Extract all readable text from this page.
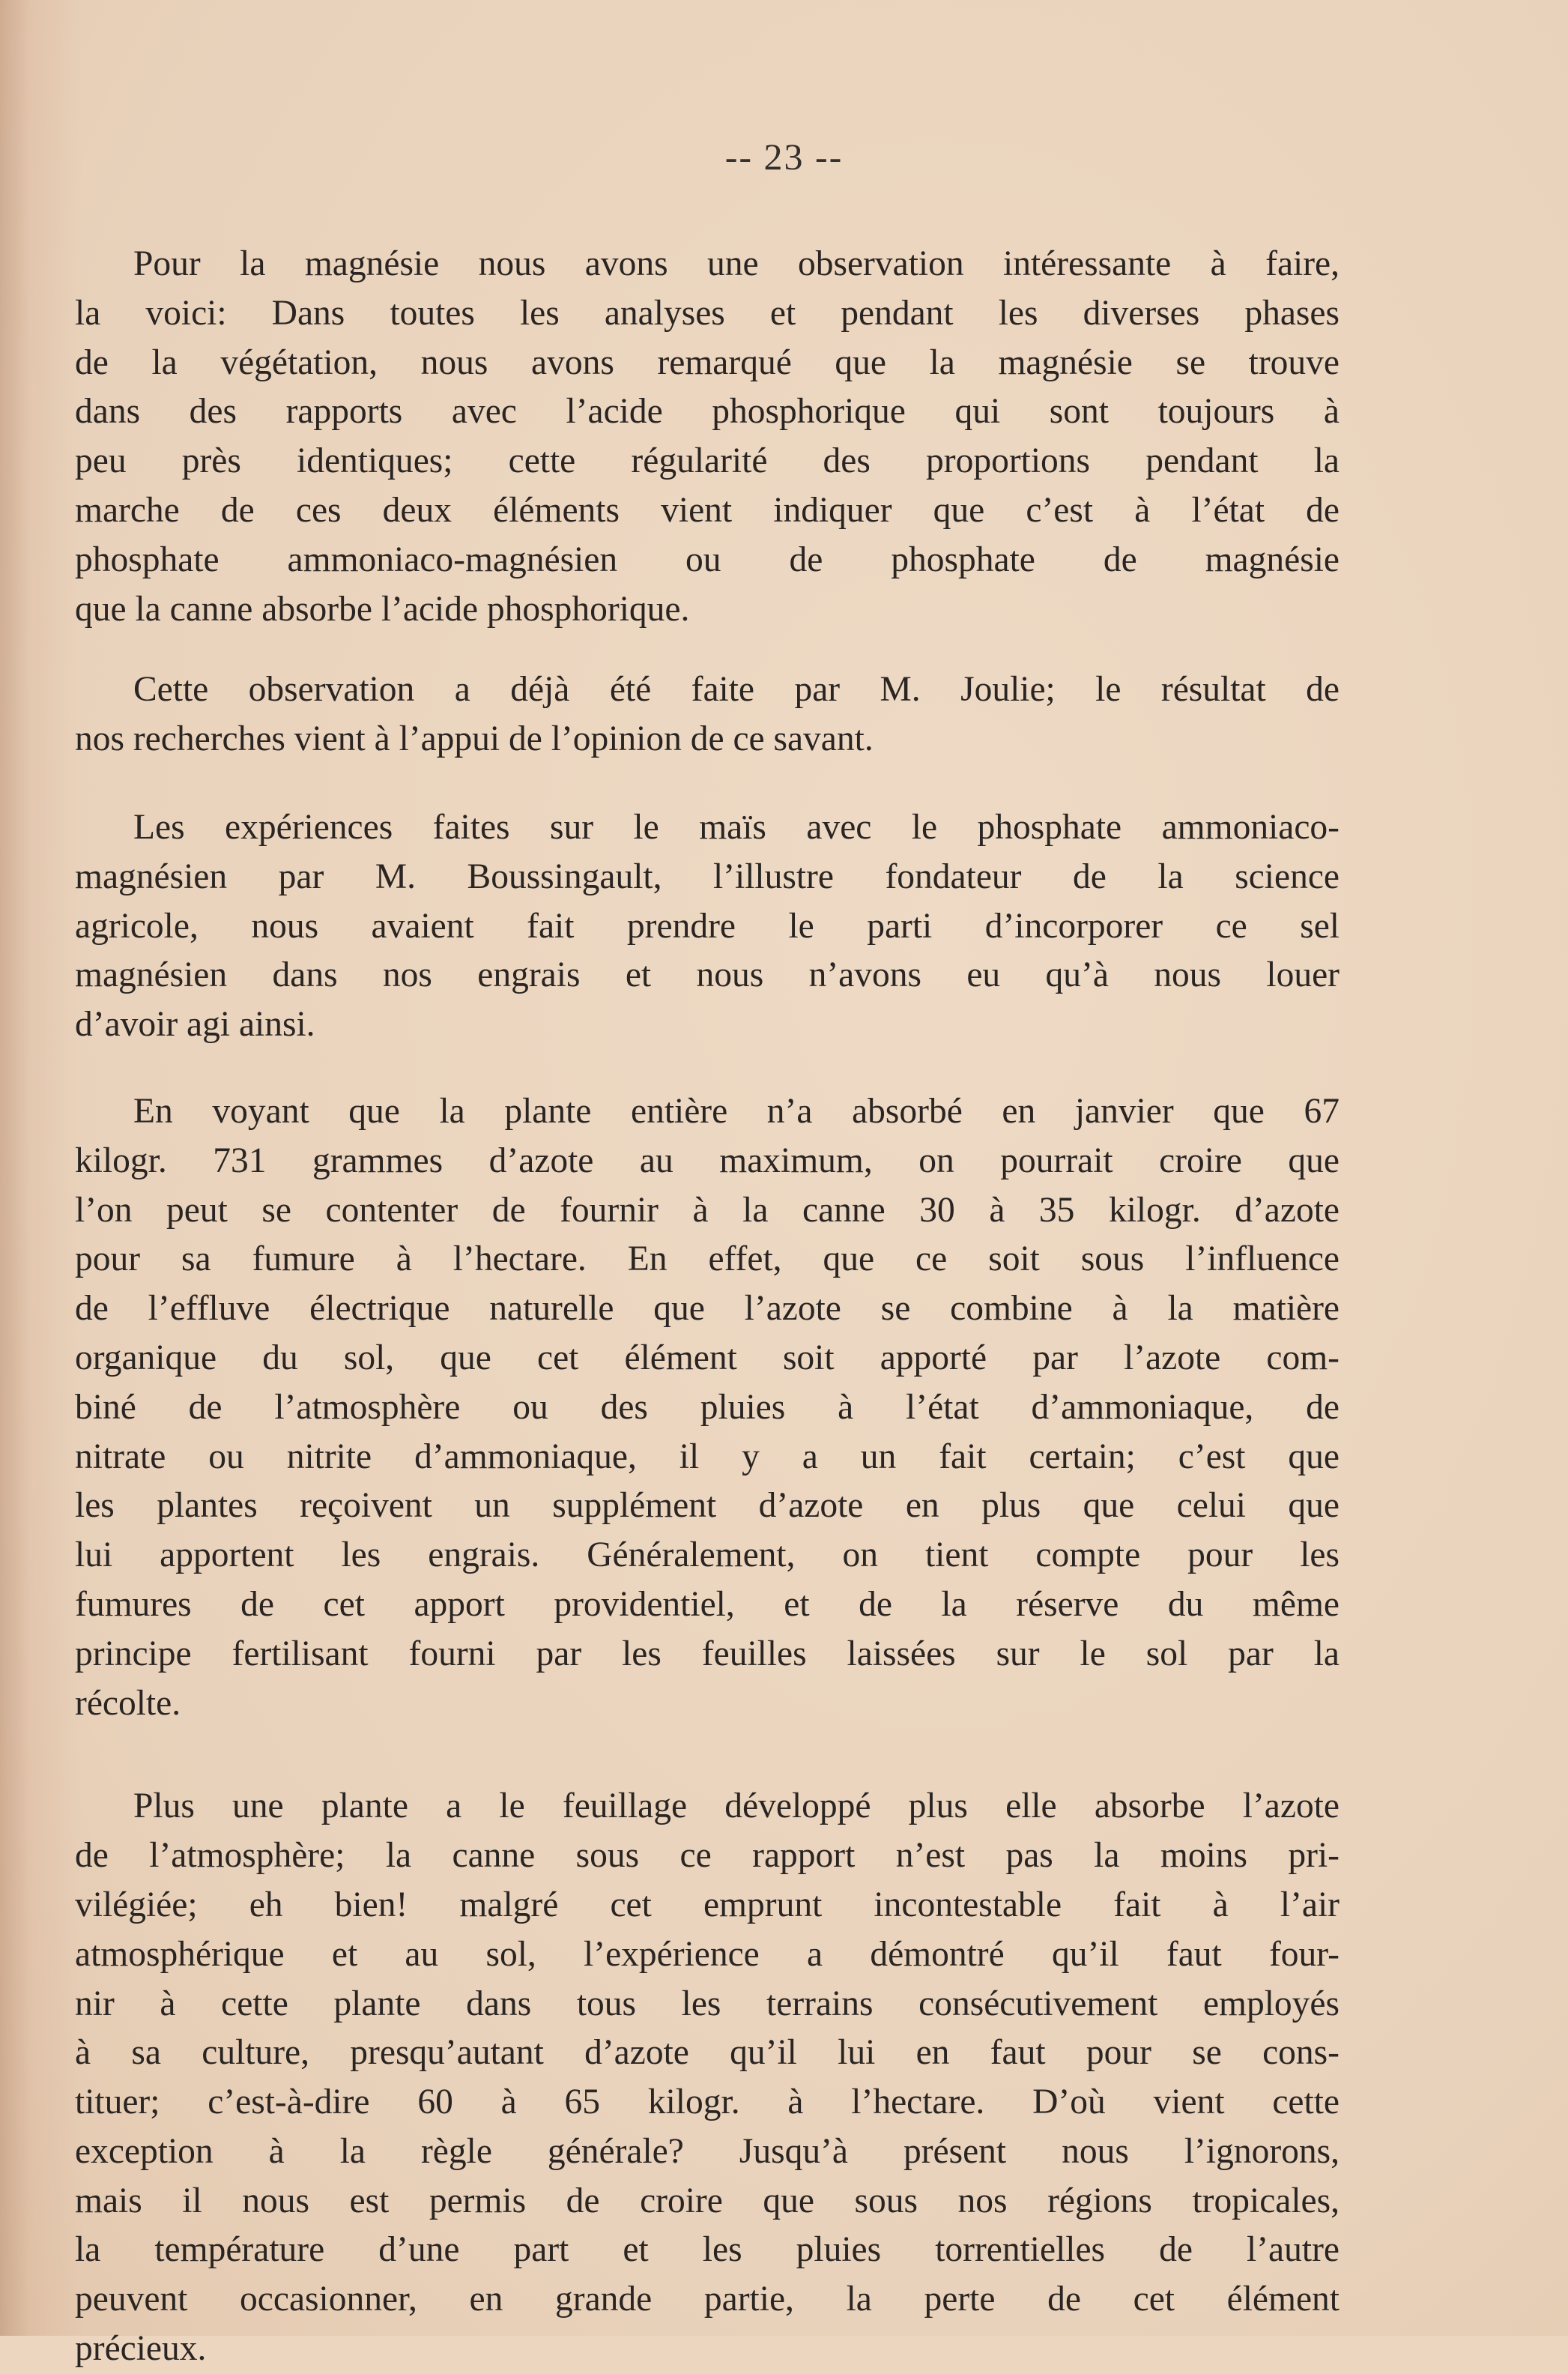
-- 23 --

Pour la magnésie nous avons une observation intéressante à faire,
la voici: Dans toutes les analyses et pendant les diverses phases
de la végétation, nous avons remarqué que la magnésie se trouve
dans des rapports avec l’acide phosphorique qui sont toujours à
peu près identiques; cette régularité des proportions pendant la
marche de ces deux éléments vient indiquer que c’est à l’état de
phosphate ammoniaco-magnésien ou de phosphate de magnésie
que la canne absorbe l’acide phosphorique.

Cette observation a déjà été faite par M. Joulie; le résultat de
nos recherches vient à l’appui de l’opinion de ce savant.

Les expériences faites sur le maïs avec le phosphate ammoniaco-
magnésien par M. Boussingault, l’illustre fondateur de la science
agricole, nous avaient fait prendre le parti d’incorporer ce sel
magnésien dans nos engrais et nous n’avons eu qu’à nous louer
d’avoir agi ainsi.

En voyant que la plante entière n’a absorbé en janvier que 67
kilogr. 731 grammes d’azote au maximum, on pourrait croire que
l’on peut se contenter de fournir à la canne 30 à 35 kilogr. d’azote
pour sa fumure à l’hectare. En effet, que ce soit sous l’influence
de l’effluve électrique naturelle que l’azote se combine à la matière
organique du sol, que cet élément soit apporté par l’azote com-
biné de l’atmosphère ou des pluies à l’état d’ammoniaque, de
nitrate ou nitrite d’ammoniaque, il y a un fait certain; c’est que
les plantes reçoivent un supplément d’azote en plus que celui que
lui apportent les engrais. Généralement, on tient compte pour les
fumures de cet apport providentiel, et de la réserve du même
principe fertilisant fourni par les feuilles laissées sur le sol par la
récolte.

Plus une plante a le feuillage développé plus elle absorbe l’azote
de l’atmosphère; la canne sous ce rapport n’est pas la moins pri-
vilégiée; eh bien! malgré cet emprunt incontestable fait à l’air
atmosphérique et au sol, l’expérience a démontré qu’il faut four-
nir à cette plante dans tous les terrains consécutivement employés
à sa culture, presqu’autant d’azote qu’il lui en faut pour se cons-
tituer; c’est-à-dire 60 à 65 kilogr. à l’hectare. D’où vient cette
exception à la règle générale? Jusqu’à présent nous l’ignorons,
mais il nous est permis de croire que sous nos régions tropicales,
la température d’une part et les pluies torrentielles de l’autre
peuvent occasionner, en grande partie, la perte de cet élément
précieux.
